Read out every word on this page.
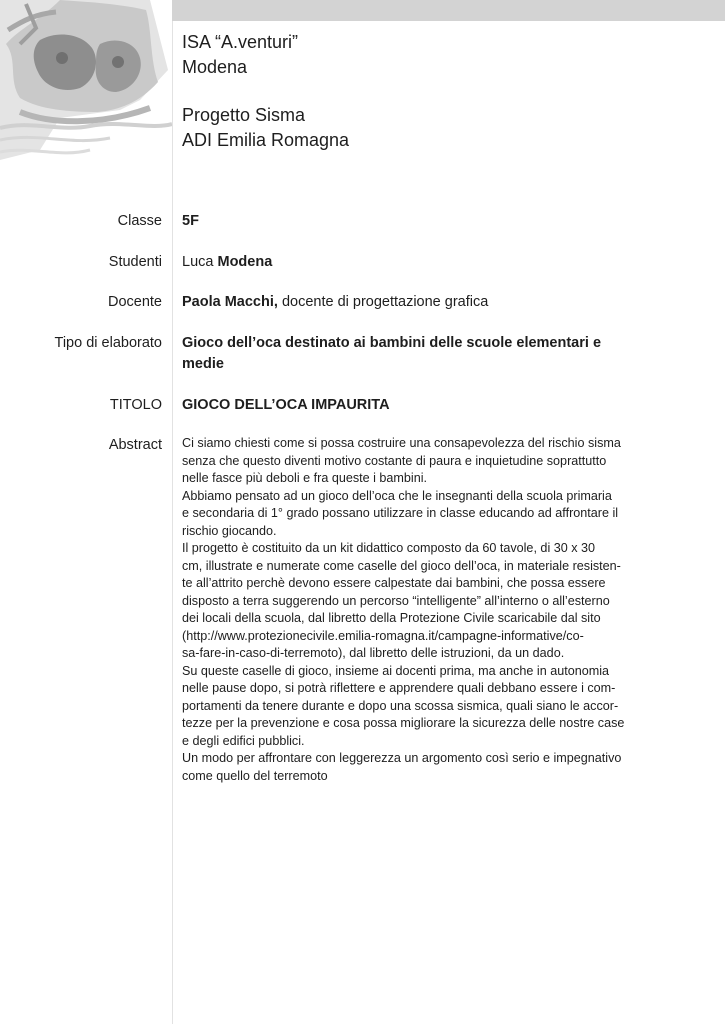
ISA “A.venturi”
Modena
Progetto Sisma
ADI Emilia Romagna
Classe 5F
Studenti Luca Modena
Docente Paola Macchi, docente di progettazione grafica
Tipo di elaborato Gioco dell’oca destinato ai bambini delle scuole elementari e medie
TITOLO GIOCO DELL’OCA IMPAURITA
Abstract Ci siamo chiesti come si possa costruire una consapevolezza del rischio sisma
senza che questo diventi motivo costante di paura e inquietudine soprattutto
nelle fasce più deboli e fra queste i bambini.
Abbiamo pensato ad un gioco dell’oca che le insegnanti della scuola primaria
e secondaria di 1° grado possano utilizzare in classe educando ad affrontare il
rischio giocando.
Il progetto è costituito da un kit didattico composto da 60 tavole, di 30 x 30
cm, illustrate e numerate come caselle del gioco dell’oca, in materiale resisten-
te all’attrito perchè devono essere calpestate dai bambini, che possa essere
disposto a terra suggerendo un percorso “intelligente” all’interno o all’esterno
dei locali della scuola, dal libretto della Protezione Civile scaricabile dal sito
(http://www.protezionecivile.emilia-romagna.it/campagne-informative/co-
sa-fare-in-caso-di-terremoto), dal libretto delle istruzioni, da un dado.
Su queste caselle di gioco, insieme ai docenti prima, ma anche in autonomia
nelle pause dopo, si potrà riflettere e apprendere quali debbano essere i com-
portamenti da tenere durante e dopo una scossa sismica, quali siano le accor-
tezze per la prevenzione e cosa possa migliorare la sicurezza delle nostre case
e degli edifici pubblici.
Un modo per affrontare con leggerezza un argomento così serio e impegnativo
come quello del terremoto
